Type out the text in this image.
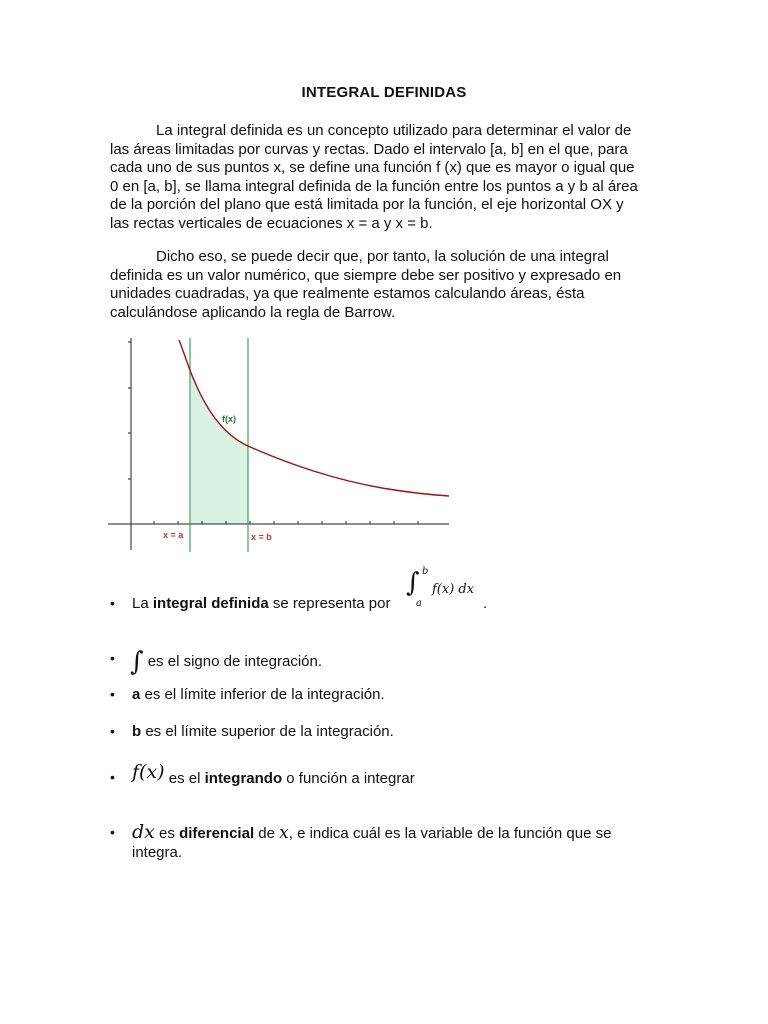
INTEGRAL DEFINIDAS
La integral definida es un concepto utilizado para determinar el valor de
las áreas limitadas por curvas y rectas. Dado el intervalo [a, b] en el que, para
cada uno de sus puntos x, se define una función f (x) que es mayor o igual que
0 en [a, b], se llama integral definida de la función entre los puntos a y b al área
de la porción del plano que está limitada por la función, el eje horizontal OX y
las rectas verticales de ecuaciones x = a y x = b.
Dicho eso, se puede decir que, por tanto, la solución de una integral
definida es un valor numérico, que siempre debe ser positivo y expresado en
unidades cuadradas, ya que realmente estamos calculando áreas, ésta
calculándose aplicando la regla de Barrow.
f(x)
x = a	x = b
• La integral definida se representa por
∫ b
a
f(x) dx
.
• ∫ es el signo de integración.
• a es el límite inferior de la integración.
• b es el límite superior de la integración.
• f(x) es el integrando o función a integrar
• dx es diferencial de x, e indica cuál es la variable de la función que se
integra.
